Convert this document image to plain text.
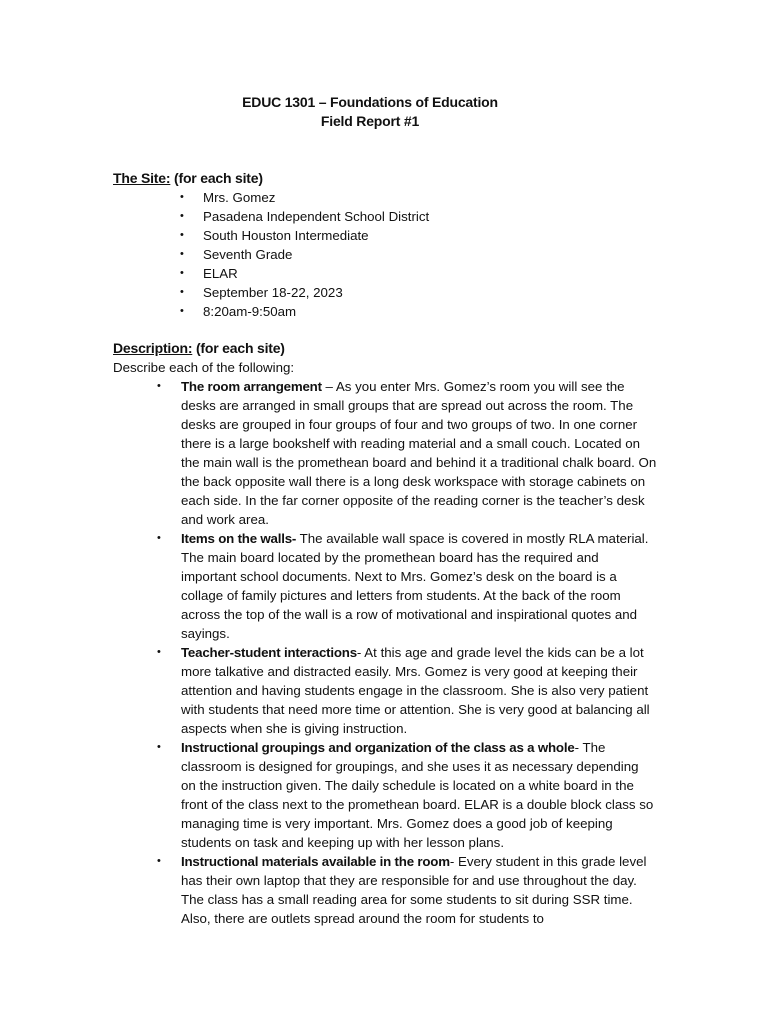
EDUC 1301 – Foundations of Education
Field Report #1
The Site: (for each site)
• Mrs. Gomez
• Pasadena Independent School District
• South Houston Intermediate
• Seventh Grade
• ELAR
• September 18-22, 2023
• 8:20am-9:50am
Description: (for each site)
Describe each of the following:
• The room arrangement – As you enter Mrs. Gomez’s room you will see the desks are arranged in small groups that are spread out across the room. The desks are grouped in four groups of four and two groups of two. In one corner there is a large bookshelf with reading material and a small couch. Located on the main wall is the promethean board and behind it a traditional chalk board. On the back opposite wall there is a long desk workspace with storage cabinets on each side. In the far corner opposite of the reading corner is the teacher’s desk and work area.
• Items on the walls- The available wall space is covered in mostly RLA material. The main board located by the promethean board has the required and important school documents. Next to Mrs. Gomez’s desk on the board is a collage of family pictures and letters from students. At the back of the room across the top of the wall is a row of motivational and inspirational quotes and sayings.
• Teacher-student interactions- At this age and grade level the kids can be a lot more talkative and distracted easily. Mrs. Gomez is very good at keeping their attention and having students engage in the classroom. She is also very patient with students that need more time or attention. She is very good at balancing all aspects when she is giving instruction.
• Instructional groupings and organization of the class as a whole- The classroom is designed for groupings, and she uses it as necessary depending on the instruction given. The daily schedule is located on a white board in the front of the class next to the promethean board. ELAR is a double block class so managing time is very important. Mrs. Gomez does a good job of keeping students on task and keeping up with her lesson plans.
• Instructional materials available in the room- Every student in this grade level has their own laptop that they are responsible for and use throughout the day. The class has a small reading area for some students to sit during SSR time. Also, there are outlets spread around the room for students to
